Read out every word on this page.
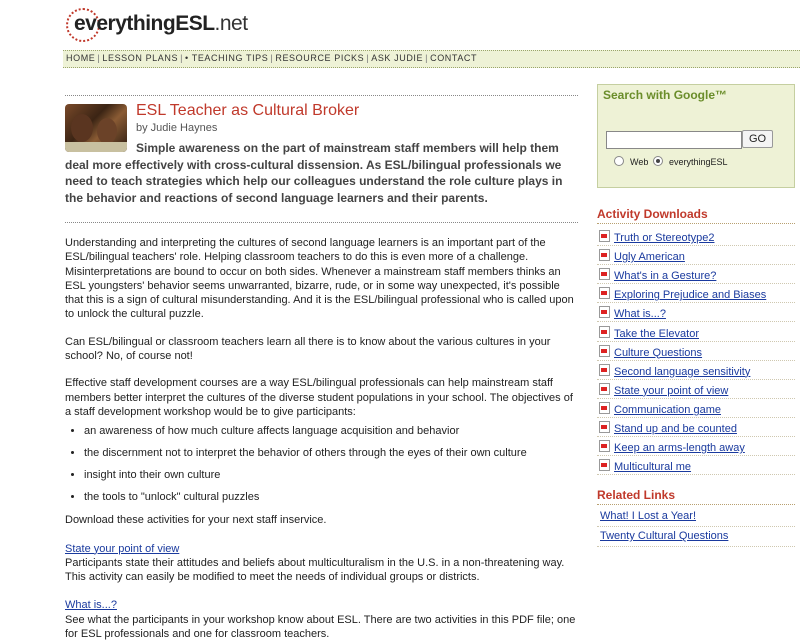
everythingESL.net
HOME | LESSON PLANS | • TEACHING TIPS | RESOURCE PICKS | ASK JUDIE | CONTACT
ESL Teacher as Cultural Broker
by Judie Haynes

Simple awareness on the part of mainstream staff members will help them deal more effectively with cross-cultural dissension. As ESL/bilingual professionals we need to teach strategies which help our colleagues understand the role culture plays in the behavior and reactions of second language learners and their parents.

Understanding and interpreting the cultures of second language learners is an important part of the ESL/bilingual teachers' role. Helping classroom teachers to do this is even more of a challenge. Misinterpretations are bound to occur on both sides. Whenever a mainstream staff members thinks an ESL youngsters' behavior seems unwarranted, bizarre, rude, or in some way unexpected, it's possible that this is a sign of cultural misunderstanding. And it is the ESL/bilingual professional who is called upon to unlock the cultural puzzle.

Can ESL/bilingual or classroom teachers learn all there is to know about the various cultures in your school? No, of course not!

Effective staff development courses are a way ESL/bilingual professionals can help mainstream staff members better interpret the cultures of the diverse student populations in your school. The objectives of a staff development workshop would be to give participants:

• an awareness of how much culture affects language acquisition and behavior
• the discernment not to interpret the behavior of others through the eyes of their own culture
• insight into their own culture
• the tools to "unlock" cultural puzzles

Download these activities for your next staff inservice.

State your point of view
Participants state their attitudes and beliefs about multiculturalism in the U.S. in a non-threatening way. This activity can easily be modified to meet the needs of individual groups or districts.
What is...?
See what the participants in your workshop know about ESL. There are two activities in this PDF file; one for ESL professionals and one for classroom teachers.
Search with Google™
GO
Web	everythingESL
Activity Downloads
Truth or Stereotype2
Ugly American
What's in a Gesture?
Exploring Prejudice and Biases
What is...?
Take the Elevator
Culture Questions
Second language sensitivity
State your point of view
Communication game
Stand up and be counted
Keep an arms-length away
Multicultural me
Related Links
What! I Lost a Year!
Twenty Cultural Questions
